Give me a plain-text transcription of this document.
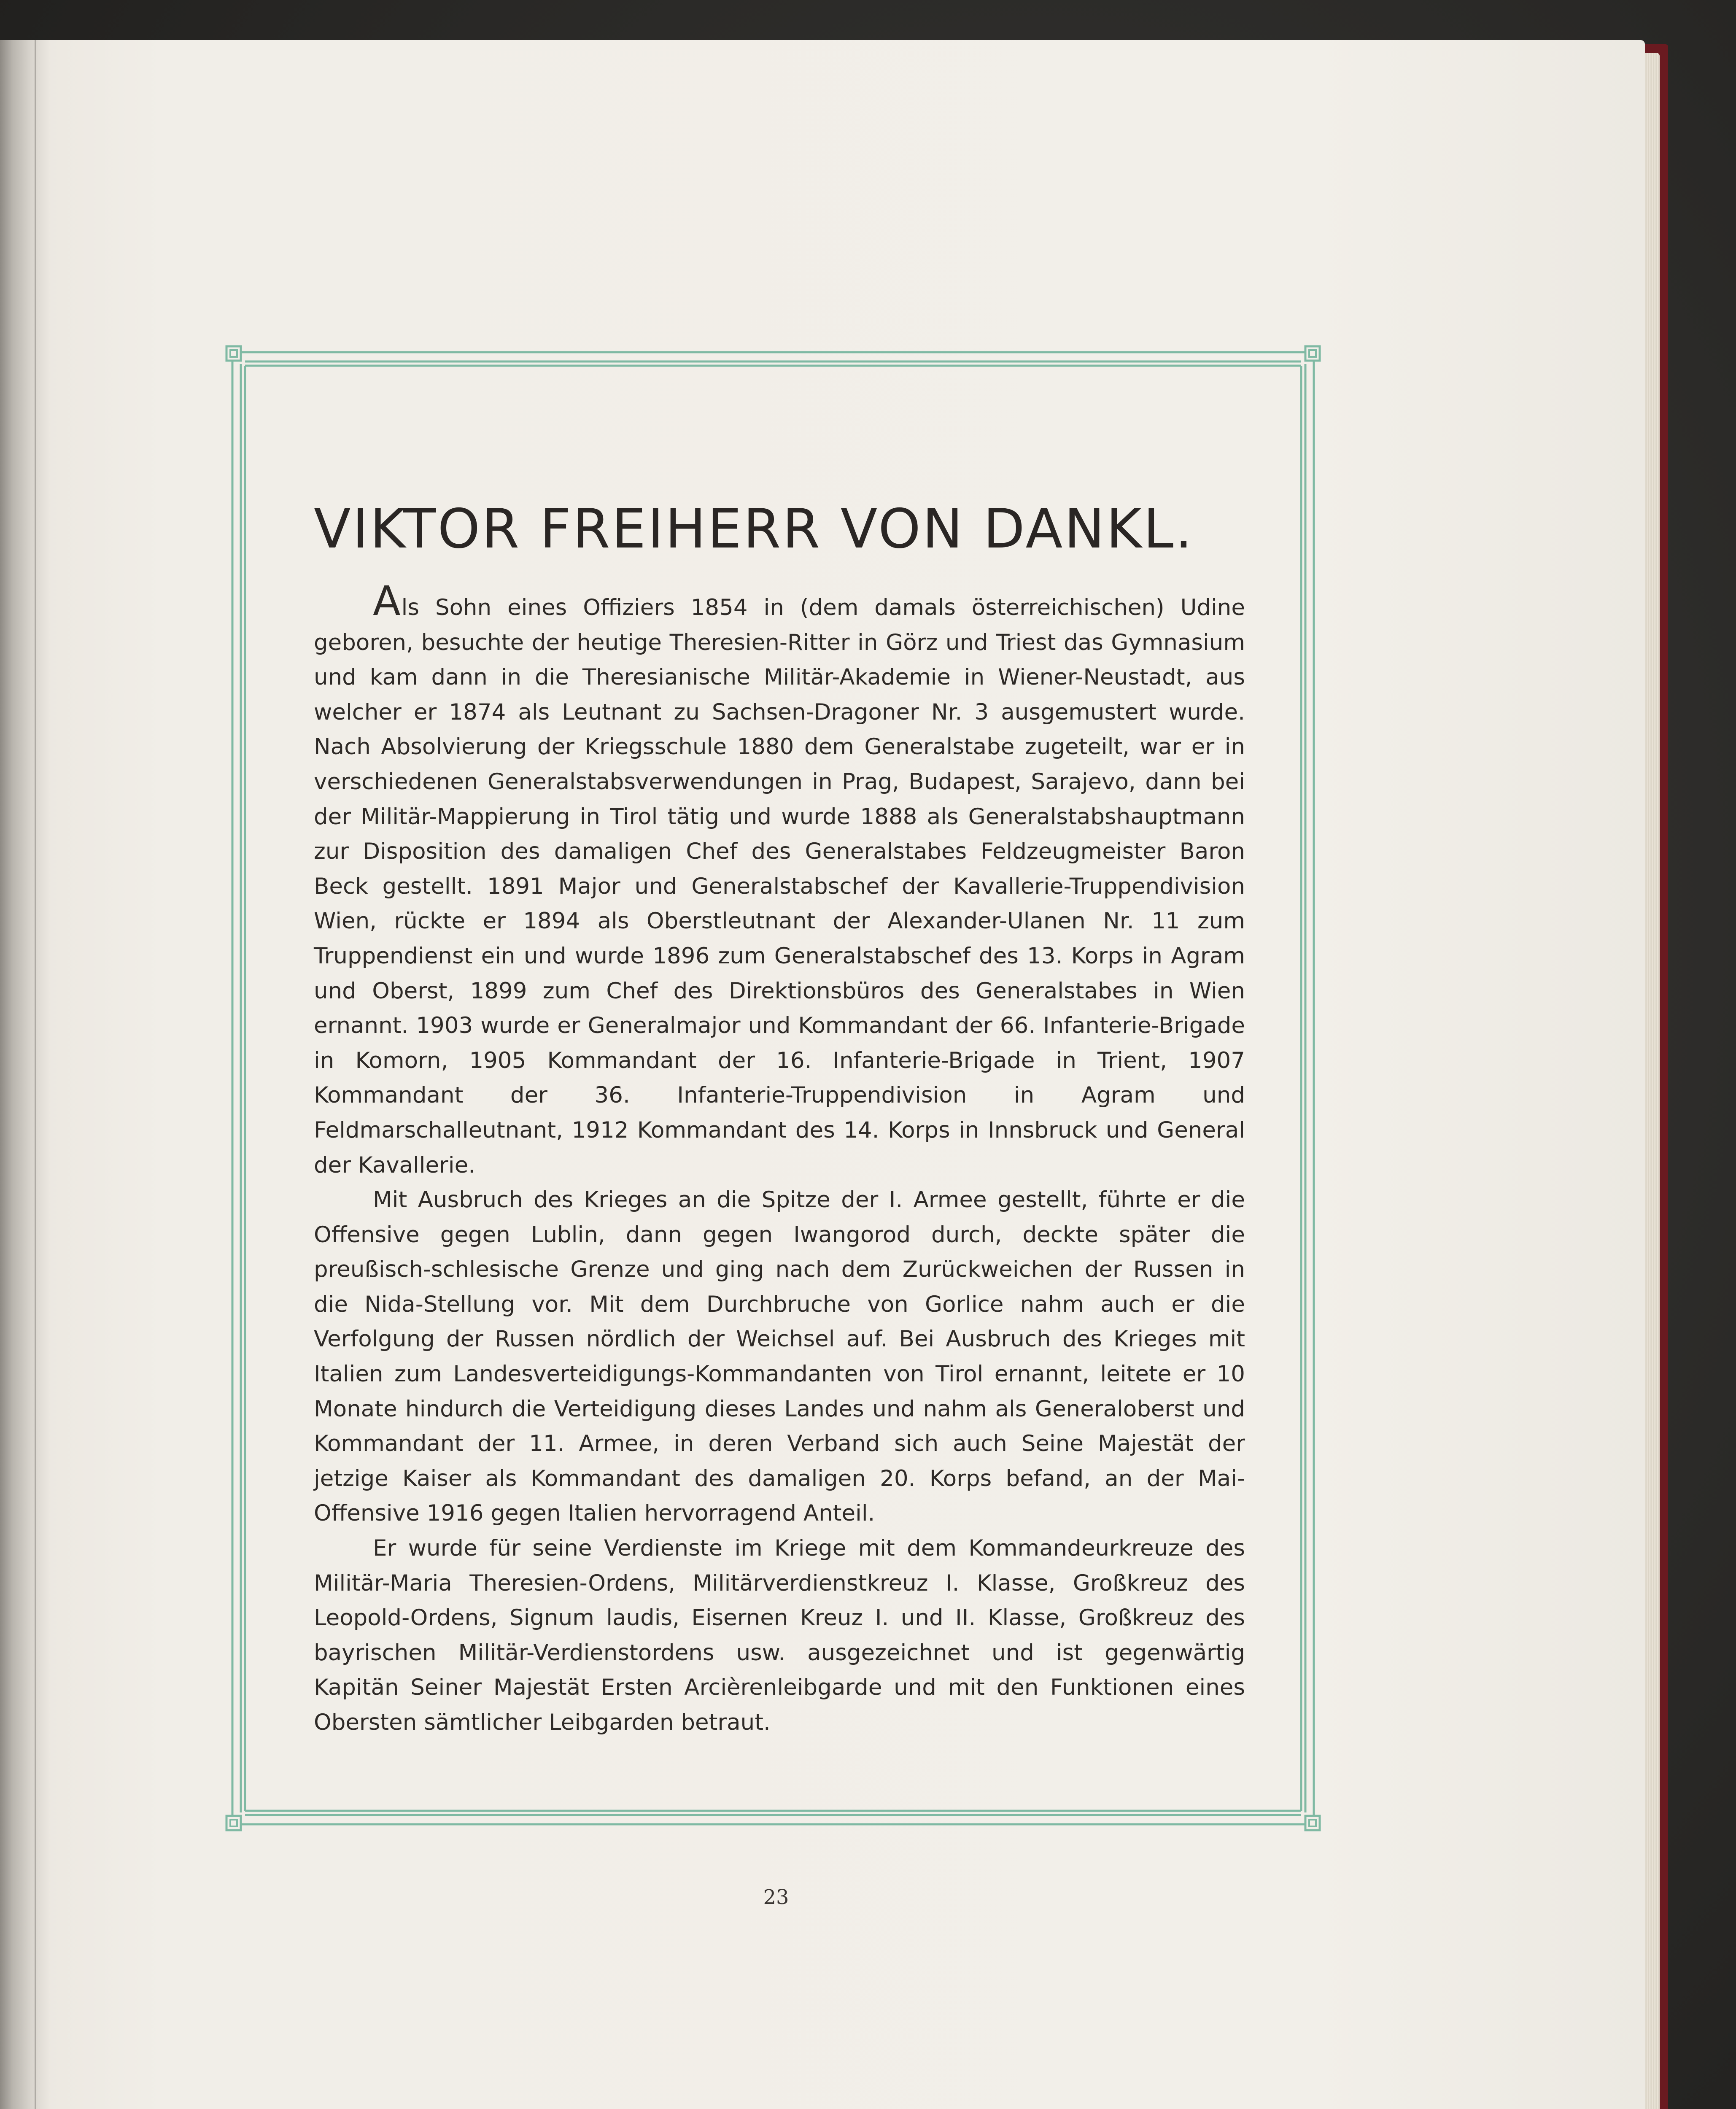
VIKTOR FREIHERR VON DANKL.

Als Sohn eines Offiziers 1854 in (dem damals österreichischen) Udine geboren, besuchte der heutige Theresien-Ritter in Görz und Triest das Gymnasium und kam dann in die Theresianische Militär-Akademie in Wiener-Neustadt, aus welcher er 1874 als Leutnant zu Sachsen-Dragoner Nr. 3 ausgemustert wurde. Nach Absolvierung der Kriegsschule 1880 dem Generalstabe zugeteilt, war er in verschiedenen Generalstabsverwendungen in Prag, Budapest, Sarajevo, dann bei der Militär-Mappierung in Tirol tätig und wurde 1888 als Generalstabshauptmann zur Disposition des damaligen Chef des Generalstabes Feldzeugmeister Baron Beck gestellt. 1891 Major und Generalstabschef der Kavallerie-Truppendivision Wien, rückte er 1894 als Oberstleutnant der Alexander-Ulanen Nr. 11 zum Truppendienst ein und wurde 1896 zum Generalstabschef des 13. Korps in Agram und Oberst, 1899 zum Chef des Direktionsbüros des Generalstabes in Wien ernannt. 1903 wurde er Generalmajor und Kommandant der 66. Infanterie-Brigade in Komorn, 1905 Kommandant der 16. Infanterie-Brigade in Trient, 1907 Kommandant der 36. Infanterie-Truppendivision in Agram und Feldmarschalleutnant, 1912 Kommandant des 14. Korps in Innsbruck und General der Kavallerie.

Mit Ausbruch des Krieges an die Spitze der I. Armee gestellt, führte er die Offensive gegen Lublin, dann gegen Iwangorod durch, deckte später die preußisch-schlesische Grenze und ging nach dem Zurückweichen der Russen in die Nida-Stellung vor. Mit dem Durchbruche von Gorlice nahm auch er die Verfolgung der Russen nördlich der Weichsel auf. Bei Ausbruch des Krieges mit Italien zum Landesverteidigungs-Kommandanten von Tirol ernannt, leitete er 10 Monate hindurch die Verteidigung dieses Landes und nahm als Generaloberst und Kommandant der 11. Armee, in deren Verband sich auch Seine Majestät der jetzige Kaiser als Kommandant des damaligen 20. Korps befand, an der Mai-Offensive 1916 gegen Italien hervorragend Anteil.

Er wurde für seine Verdienste im Kriege mit dem Kommandeurkreuze des Militär-Maria Theresien-Ordens, Militärverdienstkreuz I. Klasse, Großkreuz des Leopold-Ordens, Signum laudis, Eisernen Kreuz I. und II. Klasse, Großkreuz des bayrischen Militär-Verdienstordens usw. ausgezeichnet und ist gegenwärtig Kapitän Seiner Majestät Ersten Arcièrenleibgarde und mit den Funktionen eines Obersten sämtlicher Leibgarden betraut.

23
